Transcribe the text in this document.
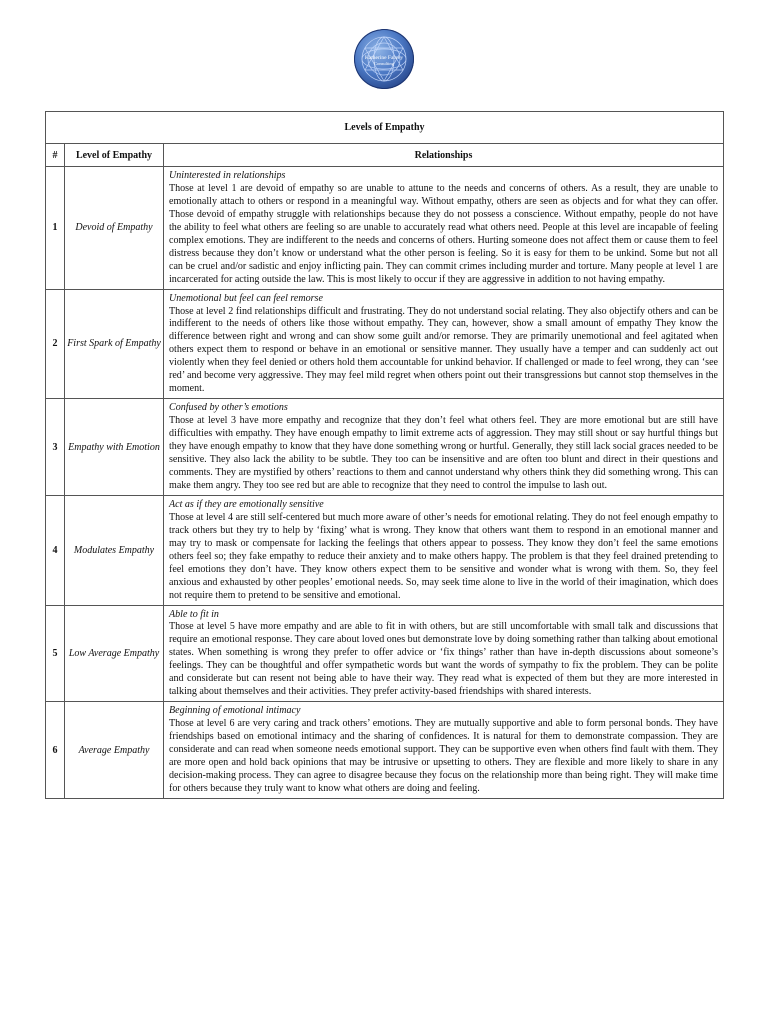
Katherine Fabrey
Consulting
Levels of Empathy		
#	Level of Empathy	Relationships
1	Devoid of Empathy	Uninterested in relationships
Those at level 1 are devoid of empathy so are unable to attune to the needs and concerns of others. As a result, they are unable to emotionally attach to others or respond in a meaningful way. Without empathy, others are seen as objects and for what they can offer. Those devoid of empathy struggle with relationships because they do not possess a conscience. Without empathy, people do not have the ability to feel what others are feeling so are unable to accurately read what others need. People at this level are incapable of feeling complex emotions. They are indifferent to the needs and concerns of others. Hurting someone does not affect them or cause them to feel distress because they don’t know or understand what the other person is feeling. So it is easy for them to be unkind. Some but not all can be cruel and/or sadistic and enjoy inflicting pain. They can commit crimes including murder and torture. Many people at level 1 are incarcerated for acting outside the law. This is most likely to occur if they are aggressive in addition to not having empathy.

2	First Spark of Empathy	Unemotional but feel can feel remorse
Those at level 2 find relationships difficult and frustrating. They do not understand social relating. They also objectify others and can be indifferent to the needs of others like those without empathy. They can, however, show a small amount of empathy They know the difference between right and wrong and can show some guilt and/or remorse. They are primarily unemotional and feel agitated when others expect them to respond or behave in an emotional or sensitive manner. They usually have a temper and can suddenly act out violently when they feel denied or others hold them accountable for unkind behavior. If challenged or made to feel wrong, they can ‘see red’ and become very aggressive. They may feel mild regret when others point out their transgressions but cannot stop themselves in the moment.

3	Empathy with Emotion	Confused by other’s emotions
Those at level 3 have more empathy and recognize that they don’t feel what others feel. They are more emotional but are still have difficulties with empathy. They have enough empathy to limit extreme acts of aggression. They may still shout or say hurtful things but they have enough empathy to know that they have done something wrong or hurtful. Generally, they still lack social graces needed to be sensitive. They also lack the ability to be subtle. They too can be insensitive and are often too blunt and direct in their questions and comments. They are mystified by others’ reactions to them and cannot understand why others think they did something wrong. This can make them angry. They too see red but are able to recognize that they need to control the impulse to lash out.

4	Modulates Empathy	Act as if they are emotionally sensitive
Those at level 4 are still self-centered but much more aware of other’s needs for emotional relating. They do not feel enough empathy to track others but they try to help by ‘fixing’ what is wrong. They know that others want them to respond in an emotional manner and may try to mask or compensate for lacking the feelings that others appear to possess. They know they don’t feel the same emotions others feel so; they fake empathy to reduce their anxiety and to make others happy. The problem is that they feel drained pretending to feel emotions they don’t have. They know others expect them to be sensitive and wonder what is wrong with them. So, they feel anxious and exhausted by other peoples’ emotional needs. So, may seek time alone to live in the world of their imagination, which does not require them to pretend to be sensitive and emotional.

5	Low Average Empathy	Able to fit in
Those at level 5 have more empathy and are able to fit in with others, but are still uncomfortable with small talk and discussions that require an emotional response. They care about loved ones but demonstrate love by doing something rather than talking about emotional states. When something is wrong they prefer to offer advice or ‘fix things’ rather than have in-depth discussions about someone’s feelings. They can be thoughtful and offer sympathetic words but want the words of sympathy to fix the problem. They can be polite and considerate but can resent not being able to have their way. They read what is expected of them but they are more interested in talking about themselves and their activities. They prefer activity-based friendships with shared interests.

6	Average Empathy	Beginning of emotional intimacy
Those at level 6 are very caring and track others’ emotions. They are mutually supportive and able to form personal bonds. They have friendships based on emotional intimacy and the sharing of confidences. It is natural for them to demonstrate compassion. They are considerate and can read when someone needs emotional support. They can be supportive even when others find fault with them. They are more open and hold back opinions that may be intrusive or upsetting to others. They are flexible and more likely to share in any decision-making process. They can agree to disagree because they focus on the relationship more than being right. They will make time for others because they truly want to know what others are doing and feeling.
